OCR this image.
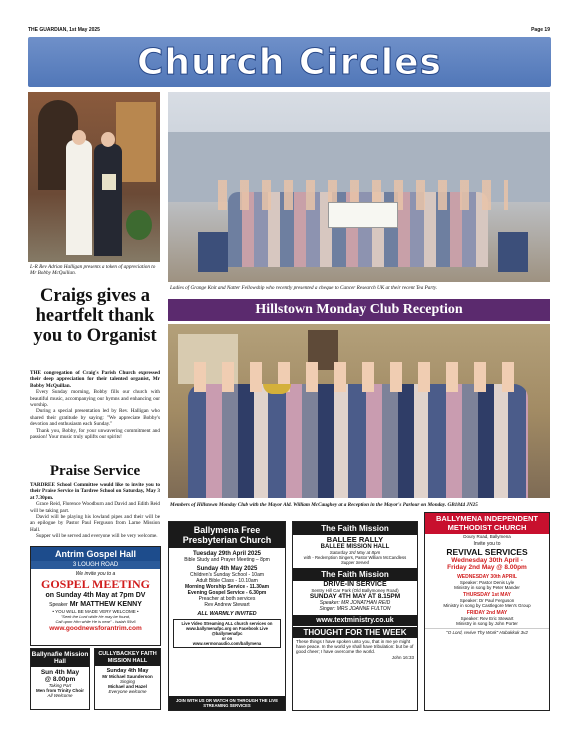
THE GUARDIAN, 1st May 2025	Page 19
Church Circles
L-R Rev Adrian Halligan presents a token of appreciation to Mr Bobby McQuillan.
Ladies of Grange Knit and Natter Fellowship who recently presented a cheque to Cancer Research UK at their recent Tea Party.
Craigs gives a heartfelt thank you to Organist

THE congregation of Craig's Parish Church expressed their deep appreciation for their talented organist, Mr Bobby McQuillan.

Every Sunday morning, Bobby fills our church with beautiful music, accompanying our hymns and enhancing our worship.

During a special presentation led by Rev. Halligan who shared their gratitude by saying: "We appreciate Bobby's devotion and enthusiasm each Sunday."

Thank you, Bobby, for your unwavering commitment and passion! Your music truly uplifts our spirits!

Praise Service

TARDREE School Committee would like to invite you to their Praise Service in Tardree School on Saturday, May 3 at 7.30pm.

Grace Reid, Florence Woodburn and David and Edith Reid will be taking part.

David will be playing his lowland pipes and their will be an epilogue by Pastor Paul Ferguson from Larne Mission Hall.

Supper will be served and everyone will be very welcome.

Hillstown Monday Club Reception
Members of Hillstown Monday Club with the Mayor Ald. William McCaughey at a Reception in the Mayor's Parlour on Monday. GB1844 JN25
Antrim Gospel Hall
3 LOUGH ROAD
We invite you to a
GOSPEL MEETING
on Sunday 4th May at 7pm DV
Speaker Mr MATTHEW KENNY
• YOU WILL BE MADE VERY WELCOME •
"Seek the Lord while He may be found,
Call upon Him while He is near" - Isaiah 55v6
www.goodnewsforantrim.com
Ballynafie Mission Hall
Sun 4th May
@ 8.00pm
Taking Part
Men from Trinity Choir
All Welcome
CULLYBACKEY FAITH MISSION HALL
Sunday 4th May
Mr Michael Saunderson
Singing
Michael and Hazel
Everyone welcome
Ballymena Free Presbyterian Church
Tuesday 29th April 2025
Bible Study and Prayer Meeting – 8pm
Sunday 4th May 2025
Children's Sunday School - 10am
Adult Bible Class - 10.10am
Morning Worship Service - 11.30am
Evening Gospel Service - 6.30pm
Preacher at both services
Rev Andrew Stewart
ALL WARMLY INVITED
Live Video Streaming ALL church services on www.ballymenafpc.org on Facebook Live @ballymenafpc
or on
www.sermonaudio.com/ballymena
JOIN WITH US OR WATCH ON THROUGH THE LIVE STREAMING SERVICES
The Faith Mission
BALLEE RALLY
BALLEE MISSION HALL
Saturday 3rd May at 8pm
with - Redemption Singers, Pastor William McCandless
Supper Served
The Faith Mission
DRIVE-IN SERVICE
Sentry Hill Car Park (Old Ballymoney Road)
SUNDAY 4TH MAY AT 8.15PM
Speaker: MR JONATHAN REID
Singer: MRS JOANNE FULTON
www.textministry.co.uk
THOUGHT FOR THE WEEK
These things I have spoken unto you, that in me ye might have peace. In the world ye shall have tribulation: but be of good cheer; I have overcome the world.
John 16:33
BALLYMENA INDEPENDENT METHODIST CHURCH
Doury Road, Ballymena
Invite you to
REVIVAL SERVICES
Wednesday 30th April -
Friday 2nd May @ 8.00pm
WEDNESDAY 30th APRIL
Speaker: Pastor Denis Lyle
Ministry in song by Peter Mander
THURSDAY 1st MAY
Speaker: Dr Paul Ferguson
Ministry in song by Castlegore Men's Group
FRIDAY 2nd MAY
Speaker: Rev Eric Stewart
Ministry in song by John Porter
"O Lord, revive Thy Work" Habakkuk 3v2
